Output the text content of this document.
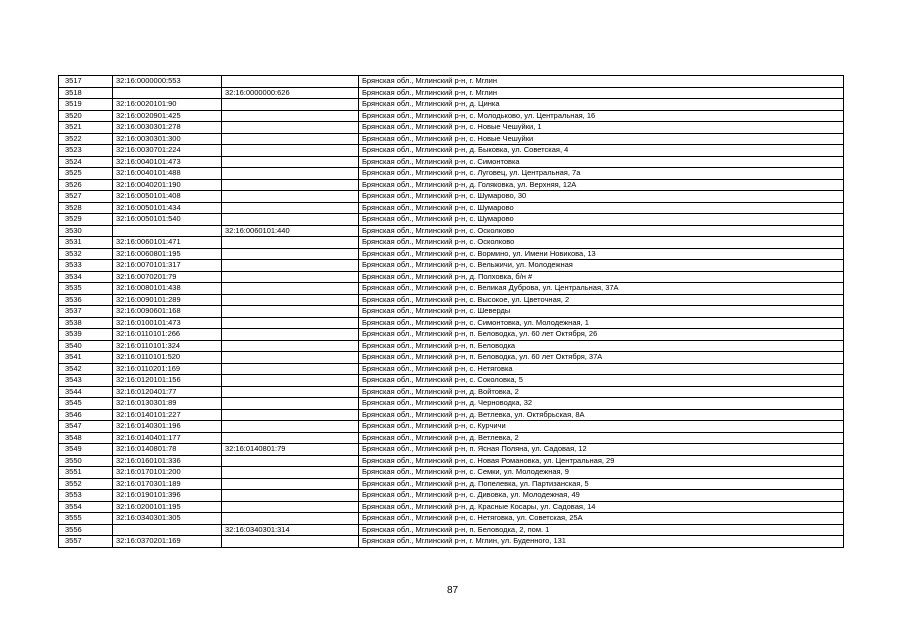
3517	32:16:0000000:553		Брянская обл., Мглинский р-н, г. Мглин
3518		32:16:0000000:626	Брянская обл., Мглинский р-н, г. Мглин
3519	32:16:0020101:90		Брянская обл., Мглинский р-н, д. Цинка
3520	32:16:0020901:425		Брянская обл., Мглинский р-н, с. Молодьково, ул. Центральная, 16
3521	32:16:0030301:278		Брянская обл., Мглинский р-н, с. Новые Чешуйки, 1
3522	32:16:0030301:300		Брянская обл., Мглинский р-н, с. Новые Чешуйки
3523	32:16:0030701:224		Брянская обл., Мглинский р-н, д. Быковка, ул. Советская, 4
3524	32:16:0040101:473		Брянская обл., Мглинский р-н, с. Симонтовка
3525	32:16:0040101:488		Брянская обл., Мглинский р-н, с. Луговец, ул. Центральная, 7а
3526	32:16:0040201:190		Брянская обл., Мглинский р-н, д. Голяковка, ул. Верхняя, 12А
3527	32:16:0050101:408		Брянская обл., Мглинский р-н, с. Шумарово, 30
3528	32:16:0050101:434		Брянская обл., Мглинский р-н, с. Шумарово
3529	32:16:0050101:540		Брянская обл., Мглинский р-н, с. Шумарово
3530		32:16:0060101:440	Брянская обл., Мглинский р-н, с. Осколково
3531	32:16:0060101:471		Брянская обл., Мглинский р-н, с. Осколково
3532	32:16:0060801:195		Брянская обл., Мглинский р-н, с. Вормино, ул. Имени Новикова, 13
3533	32:16:0070101:317		Брянская обл., Мглинский р-н, с. Вельжичи, ул. Молодежная
3534	32:16:0070201:79		Брянская обл., Мглинский р-н, д. Полховка, б/н #
3535	32:16:0080101:438		Брянская обл., Мглинский р-н, с. Великая Дуброва, ул. Центральная, 37А
3536	32:16:0090101:289		Брянская обл., Мглинский р-н, с. Высокое, ул. Цветочная, 2
3537	32:16:0090601:168		Брянская обл., Мглинский р-н, с. Шеверды
3538	32:16:0100101:473		Брянская обл., Мглинский р-н, с. Симонтовка, ул. Молодежная, 1
3539	32:16:0110101:266		Брянская обл., Мглинский р-н, п. Беловодка, ул. 60 лет Октября, 26
3540	32:16:0110101:324		Брянская обл., Мглинский р-н, п. Беловодка
3541	32:16:0110101:520		Брянская обл., Мглинский р-н, п. Беловодка, ул. 60 лет Октября, 37А
3542	32:16:0110201:169		Брянская обл., Мглинский р-н, с. Нетяговка
3543	32:16:0120101:156		Брянская обл., Мглинский р-н, с. Соколовка, 5
3544	32:16:0120401:77		Брянская обл., Мглинский р-н, д. Войтовка, 2
3545	32:16:0130301:89		Брянская обл., Мглинский р-н, д. Черноводка, 32
3546	32:16:0140101:227		Брянская обл., Мглинский р-н, д. Ветлевка, ул. Октябрьская, 8А
3547	32:16:0140301:196		Брянская обл., Мглинский р-н, с. Курчичи
3548	32:16:0140401:177		Брянская обл., Мглинский р-н, д. Ветлевка, 2
3549	32:16:0140801:78	32:16:0140801:79	Брянская обл., Мглинский р-н, п. Ясная Поляна, ул. Садовая, 12
3550	32:16:0160101:336		Брянская обл., Мглинский р-н, с. Новая Романовка, ул. Центральная, 29
3551	32:16:0170101:200		Брянская обл., Мглинский р-н, с. Семки, ул. Молодежная, 9
3552	32:16:0170301:189		Брянская обл., Мглинский р-н, д. Попелевка, ул. Партизанская, 5
3553	32:16:0190101:396		Брянская обл., Мглинский р-н, с. Дивовка, ул. Молодежная, 49
3554	32:16:0200101:195		Брянская обл., Мглинский р-н, д. Красные Косары, ул. Садовая, 14
3555	32:16:0340301:305		Брянская обл., Мглинский р-н, с. Нетяговка, ул. Советская, 25А
3556		32:16:0340301:314	Брянская обл., Мглинский р-н, п. Беловодка, 2, пом. 1
3557	32:16:0370201:169		Брянская обл., Мглинский р-н, г. Мглин, ул. Буденного, 131
87
